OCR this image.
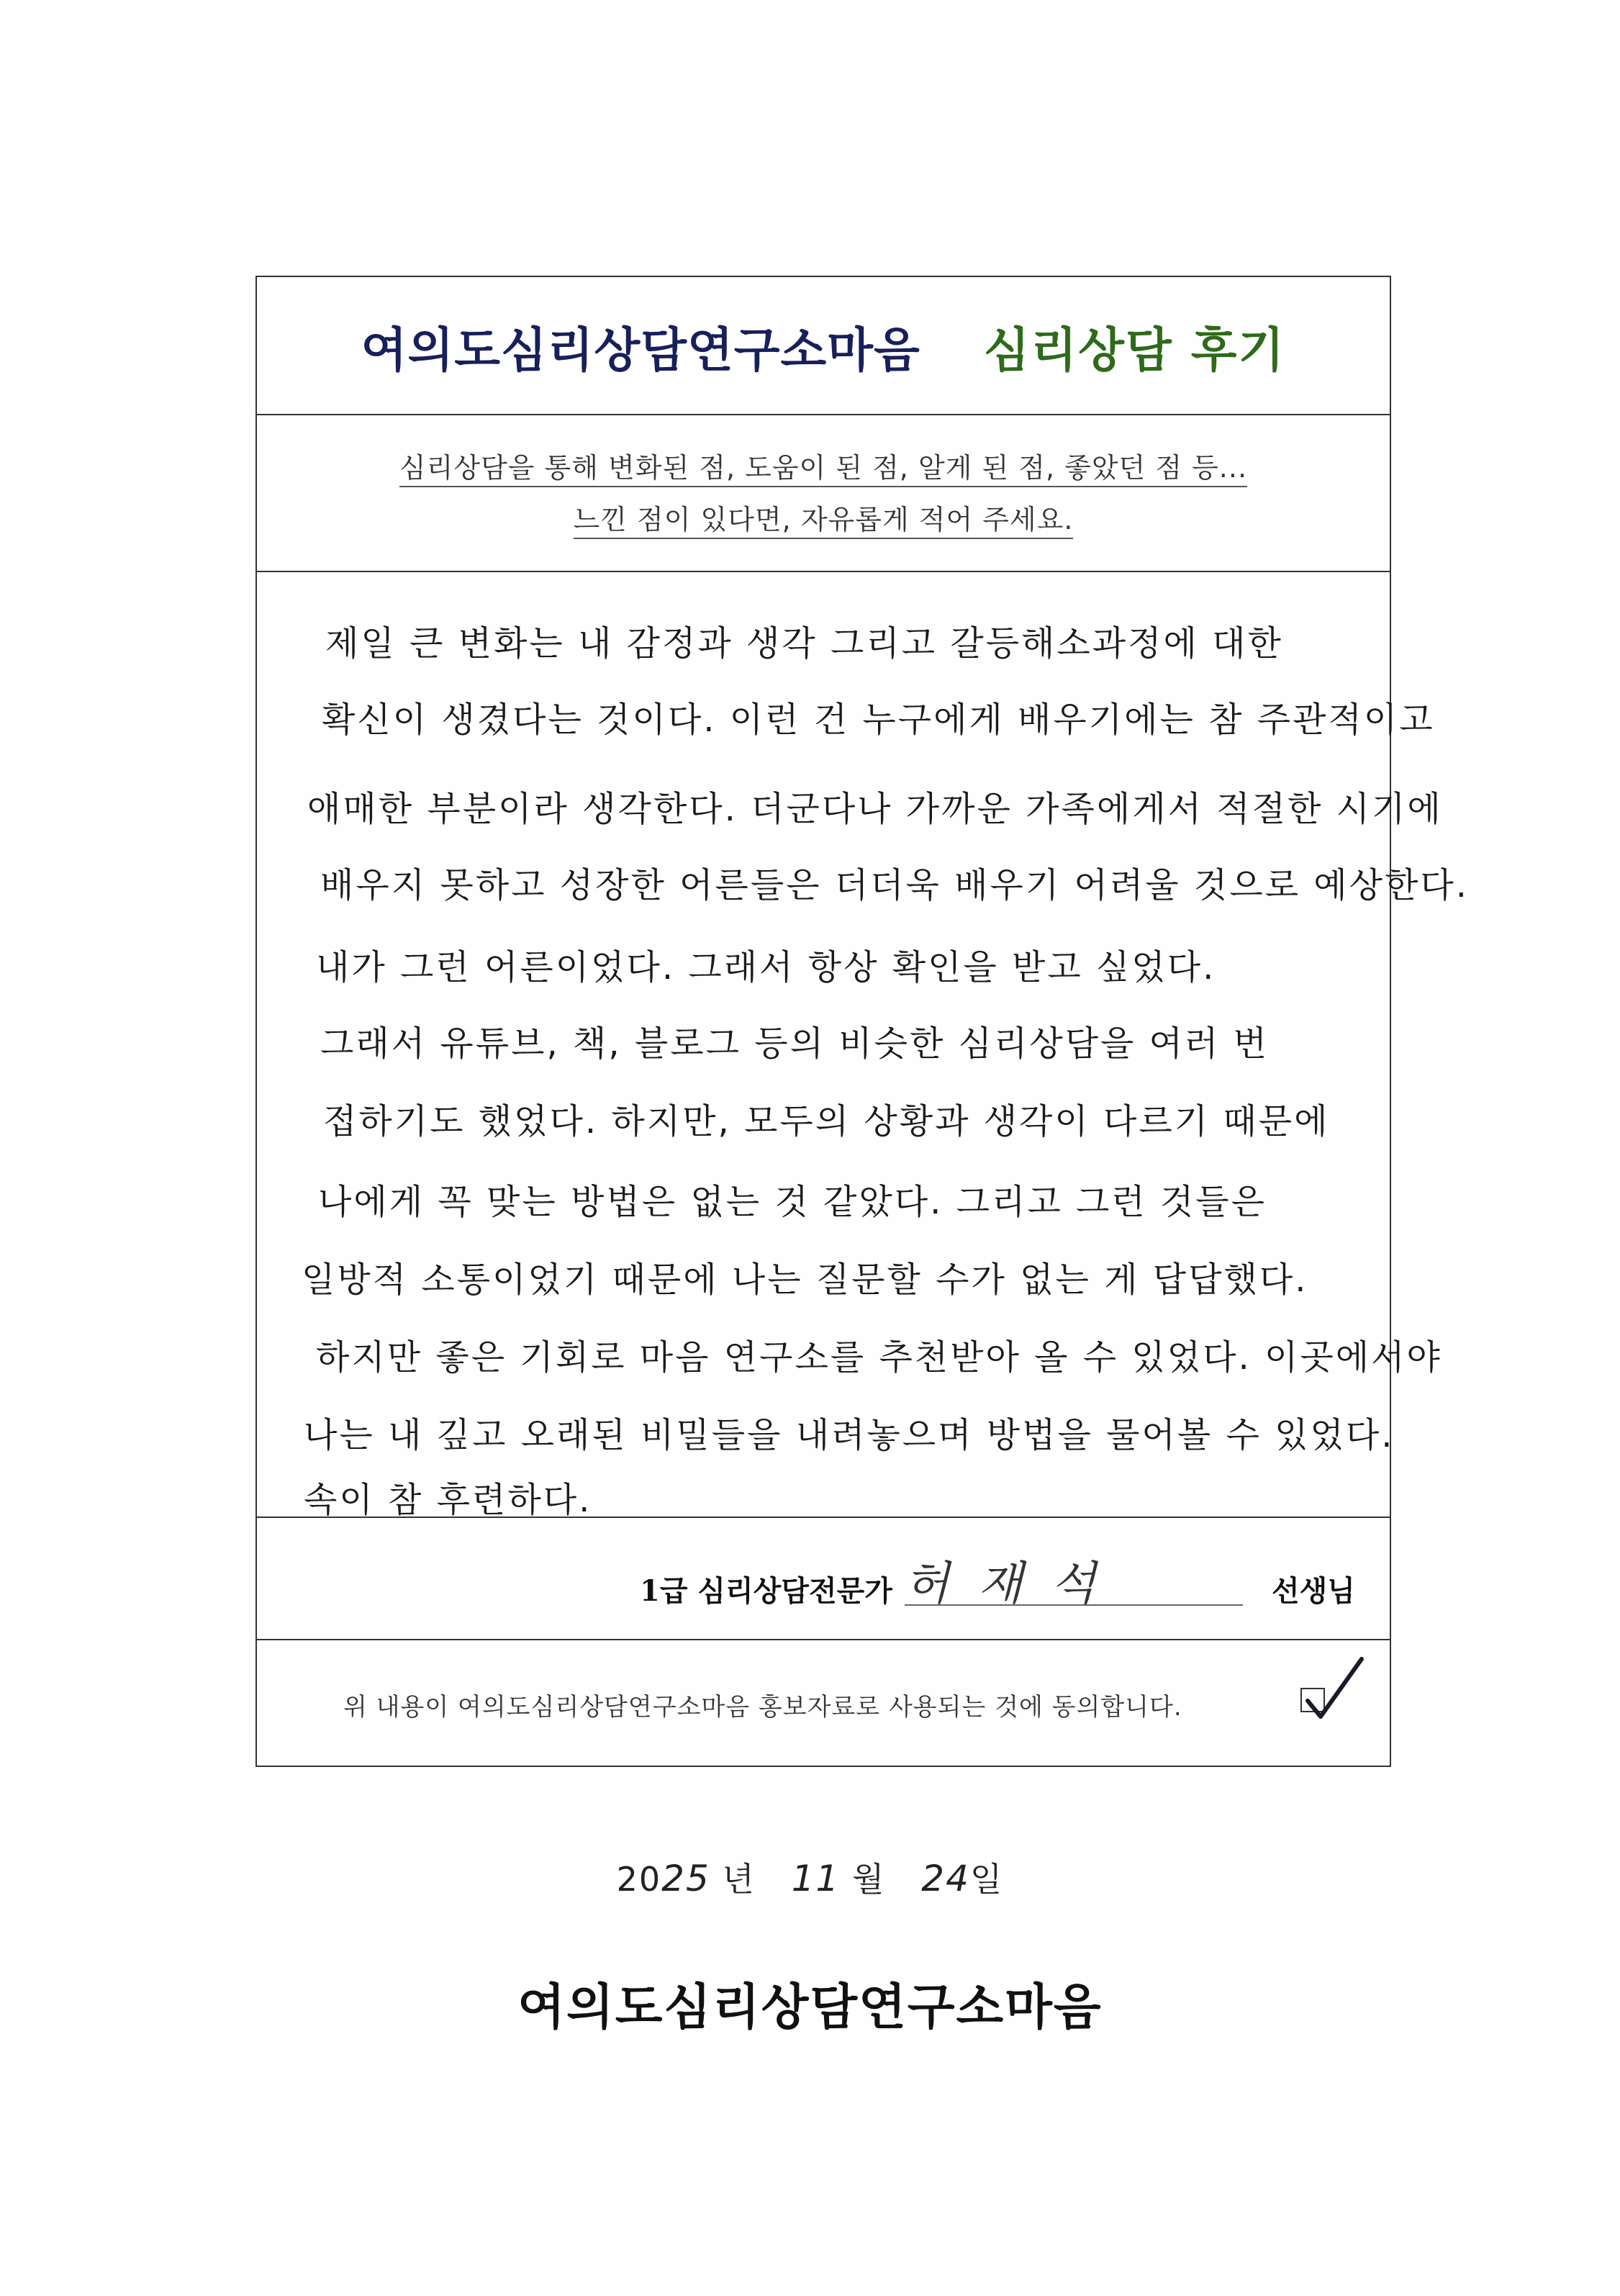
여의도심리상담연구소마음 심리상담 후기
심리상담을 통해 변화된 점, 도움이 된 점, 알게 된 점, 좋았던 점 등...
느낀 점이 있다면, 자유롭게 적어 주세요.
제일 큰 변화는 내 감정과 생각 그리고 갈등해소과정에 대한
확신이 생겼다는 것이다. 이런 건 누구에게 배우기에는 참 주관적이고
애매한 부분이라 생각한다. 더군다나 가까운 가족에게서 적절한 시기에
배우지 못하고 성장한 어른들은 더더욱 배우기 어려울 것으로 예상한다.
내가 그런 어른이었다. 그래서 항상 확인을 받고 싶었다.
그래서 유튜브, 책, 블로그 등의 비슷한 심리상담을 여러 번
접하기도 했었다. 하지만, 모두의 상황과 생각이 다르기 때문에
나에게 꼭 맞는 방법은 없는 것 같았다. 그리고 그런 것들은
일방적 소통이었기 때문에 나는 질문할 수가 없는 게 답답했다.
하지만 좋은 기회로 마음 연구소를 추천받아 올 수 있었다. 이곳에서야
나는 내 깊고 오래된 비밀들을 내려놓으며 방법을 물어볼 수 있었다.
속이 참 후련하다.
1급 심리상담전문가 허재석	선생님
위 내용이 여의도심리상담연구소마음 홍보자료로 사용되는 것에 동의합니다.
2025 년 11 월 24일
여의도심리상담연구소마음
